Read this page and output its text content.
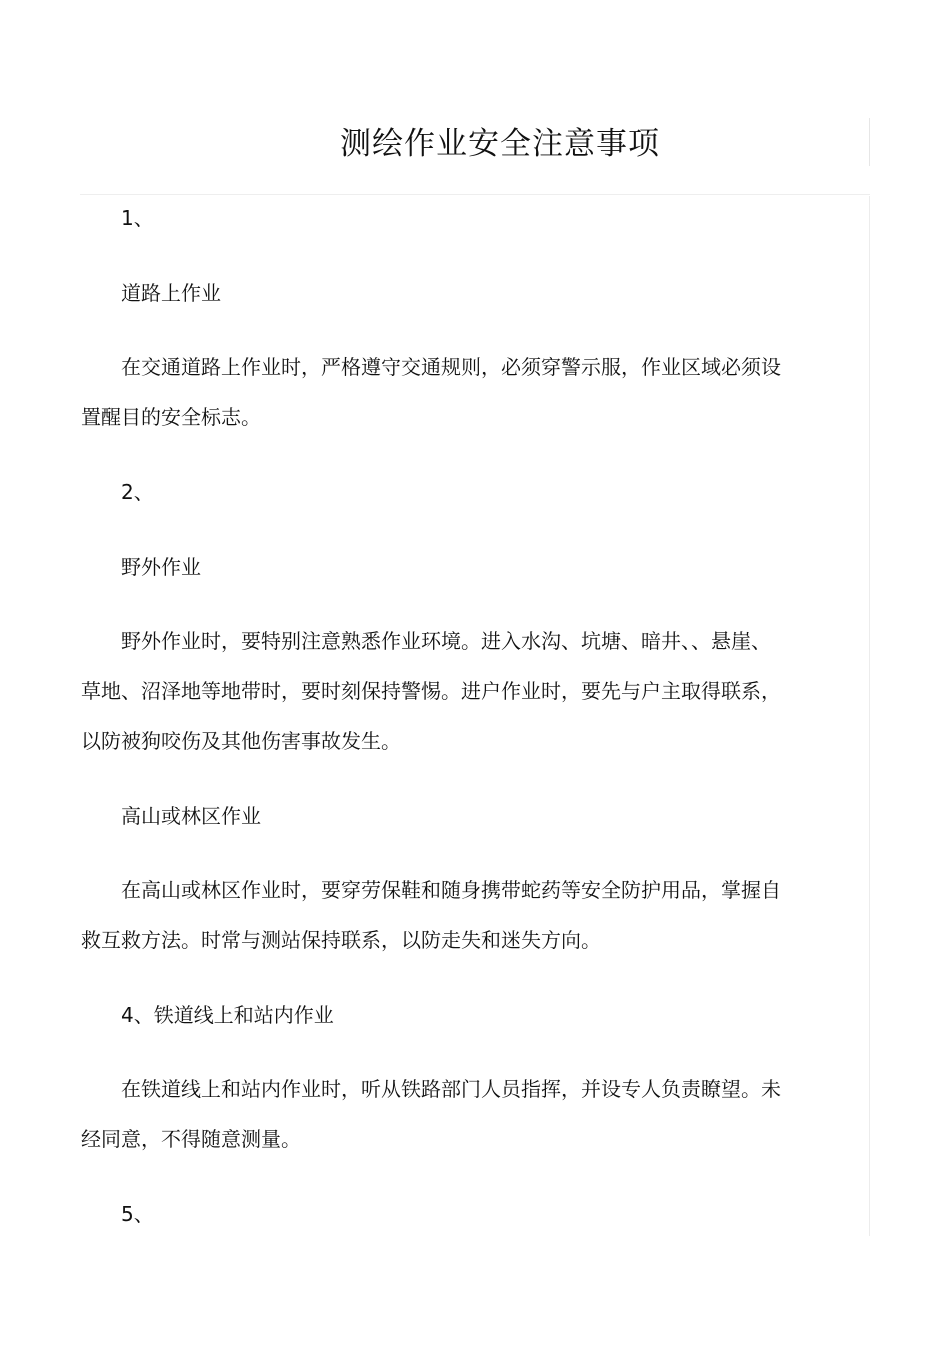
测绘作业安全注意事项
1、
道路上作业
在交通道路上作业时，严格遵守交通规则，必须穿警示服，作业区域必须设
置醒目的安全标志。
2、
野外作业
野外作业时，要特别注意熟悉作业环境。进入水沟、坑塘、暗井、、悬崖、
草地、沼泽地等地带时，要时刻保持警惕。进户作业时，要先与户主取得联系，
以防被狗咬伤及其他伤害事故发生。
高山或林区作业
在高山或林区作业时，要穿劳保鞋和随身携带蛇药等安全防护用品，掌握自
救互救方法。时常与测站保持联系，以防走失和迷失方向。
4、铁道线上和站内作业
在铁道线上和站内作业时，听从铁路部门人员指挥，并设专人负责瞭望。未
经同意，不得随意测量。
5、
